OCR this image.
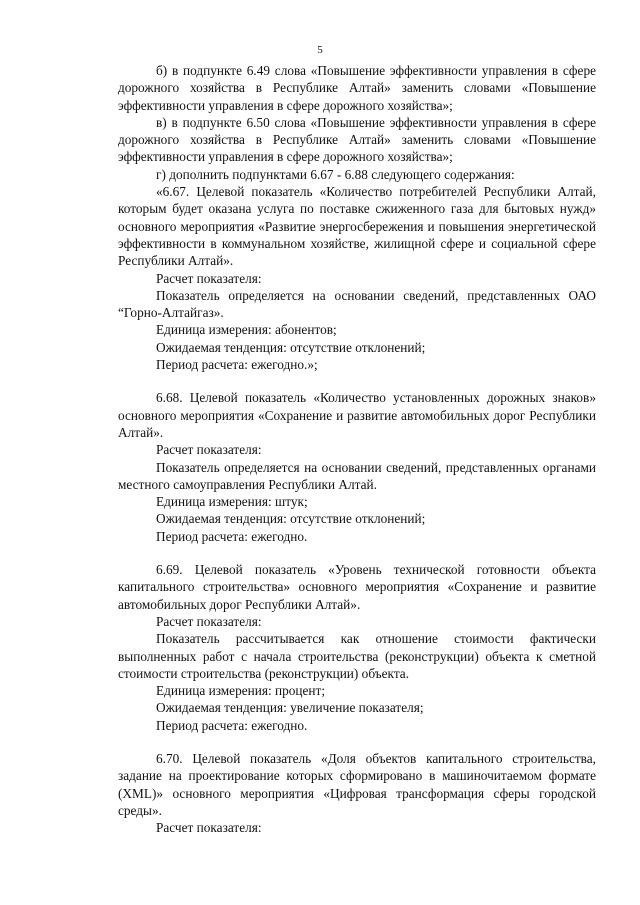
5

б) в подпункте 6.49 слова «Повышение эффективности управления в сфере дорожного хозяйства в Республике Алтай» заменить словами «Повышение эффективности управления в сфере дорожного хозяйства»;

в) в подпункте 6.50 слова «Повышение эффективности управления в сфере дорожного хозяйства в Республике Алтай» заменить словами «Повышение эффективности управления в сфере дорожного хозяйства»;

г) дополнить подпунктами 6.67 - 6.88 следующего содержания:

«6.67. Целевой показатель «Количество потребителей Республики Алтай, которым будет оказана услуга по поставке сжиженного газа для бытовых нужд» основного мероприятия «Развитие энергосбережения и повышения энергетической эффективности в коммунальном хозяйстве, жилищной сфере и социальной сфере Республики Алтай».

Расчет показателя:

Показатель определяется на основании сведений, представленных ОАО “Горно-Алтайгаз».

Единица измерения: абонентов;

Ожидаемая тенденция: отсутствие отклонений;

Период расчета: ежегодно.»;

6.68. Целевой показатель «Количество установленных дорожных знаков» основного мероприятия «Сохранение и развитие автомобильных дорог Республики Алтай».

Расчет показателя:

Показатель определяется на основании сведений, представленных органами местного самоуправления Республики Алтай.

Единица измерения: штук;

Ожидаемая тенденция: отсутствие отклонений;

Период расчета: ежегодно.

6.69. Целевой показатель «Уровень технической готовности объекта капитального строительства» основного мероприятия «Сохранение и развитие автомобильных дорог Республики Алтай».

Расчет показателя:

Показатель рассчитывается как отношение стоимости фактически выполненных работ с начала строительства (реконструкции) объекта к сметной стоимости строительства (реконструкции) объекта.

Единица измерения: процент;

Ожидаемая тенденция: увеличение показателя;

Период расчета: ежегодно.

6.70. Целевой показатель «Доля объектов капитального строительства, задание на проектирование которых сформировано в машиночитаемом формате (XML)» основного мероприятия «Цифровая трансформация сферы городской среды».

Расчет показателя:
